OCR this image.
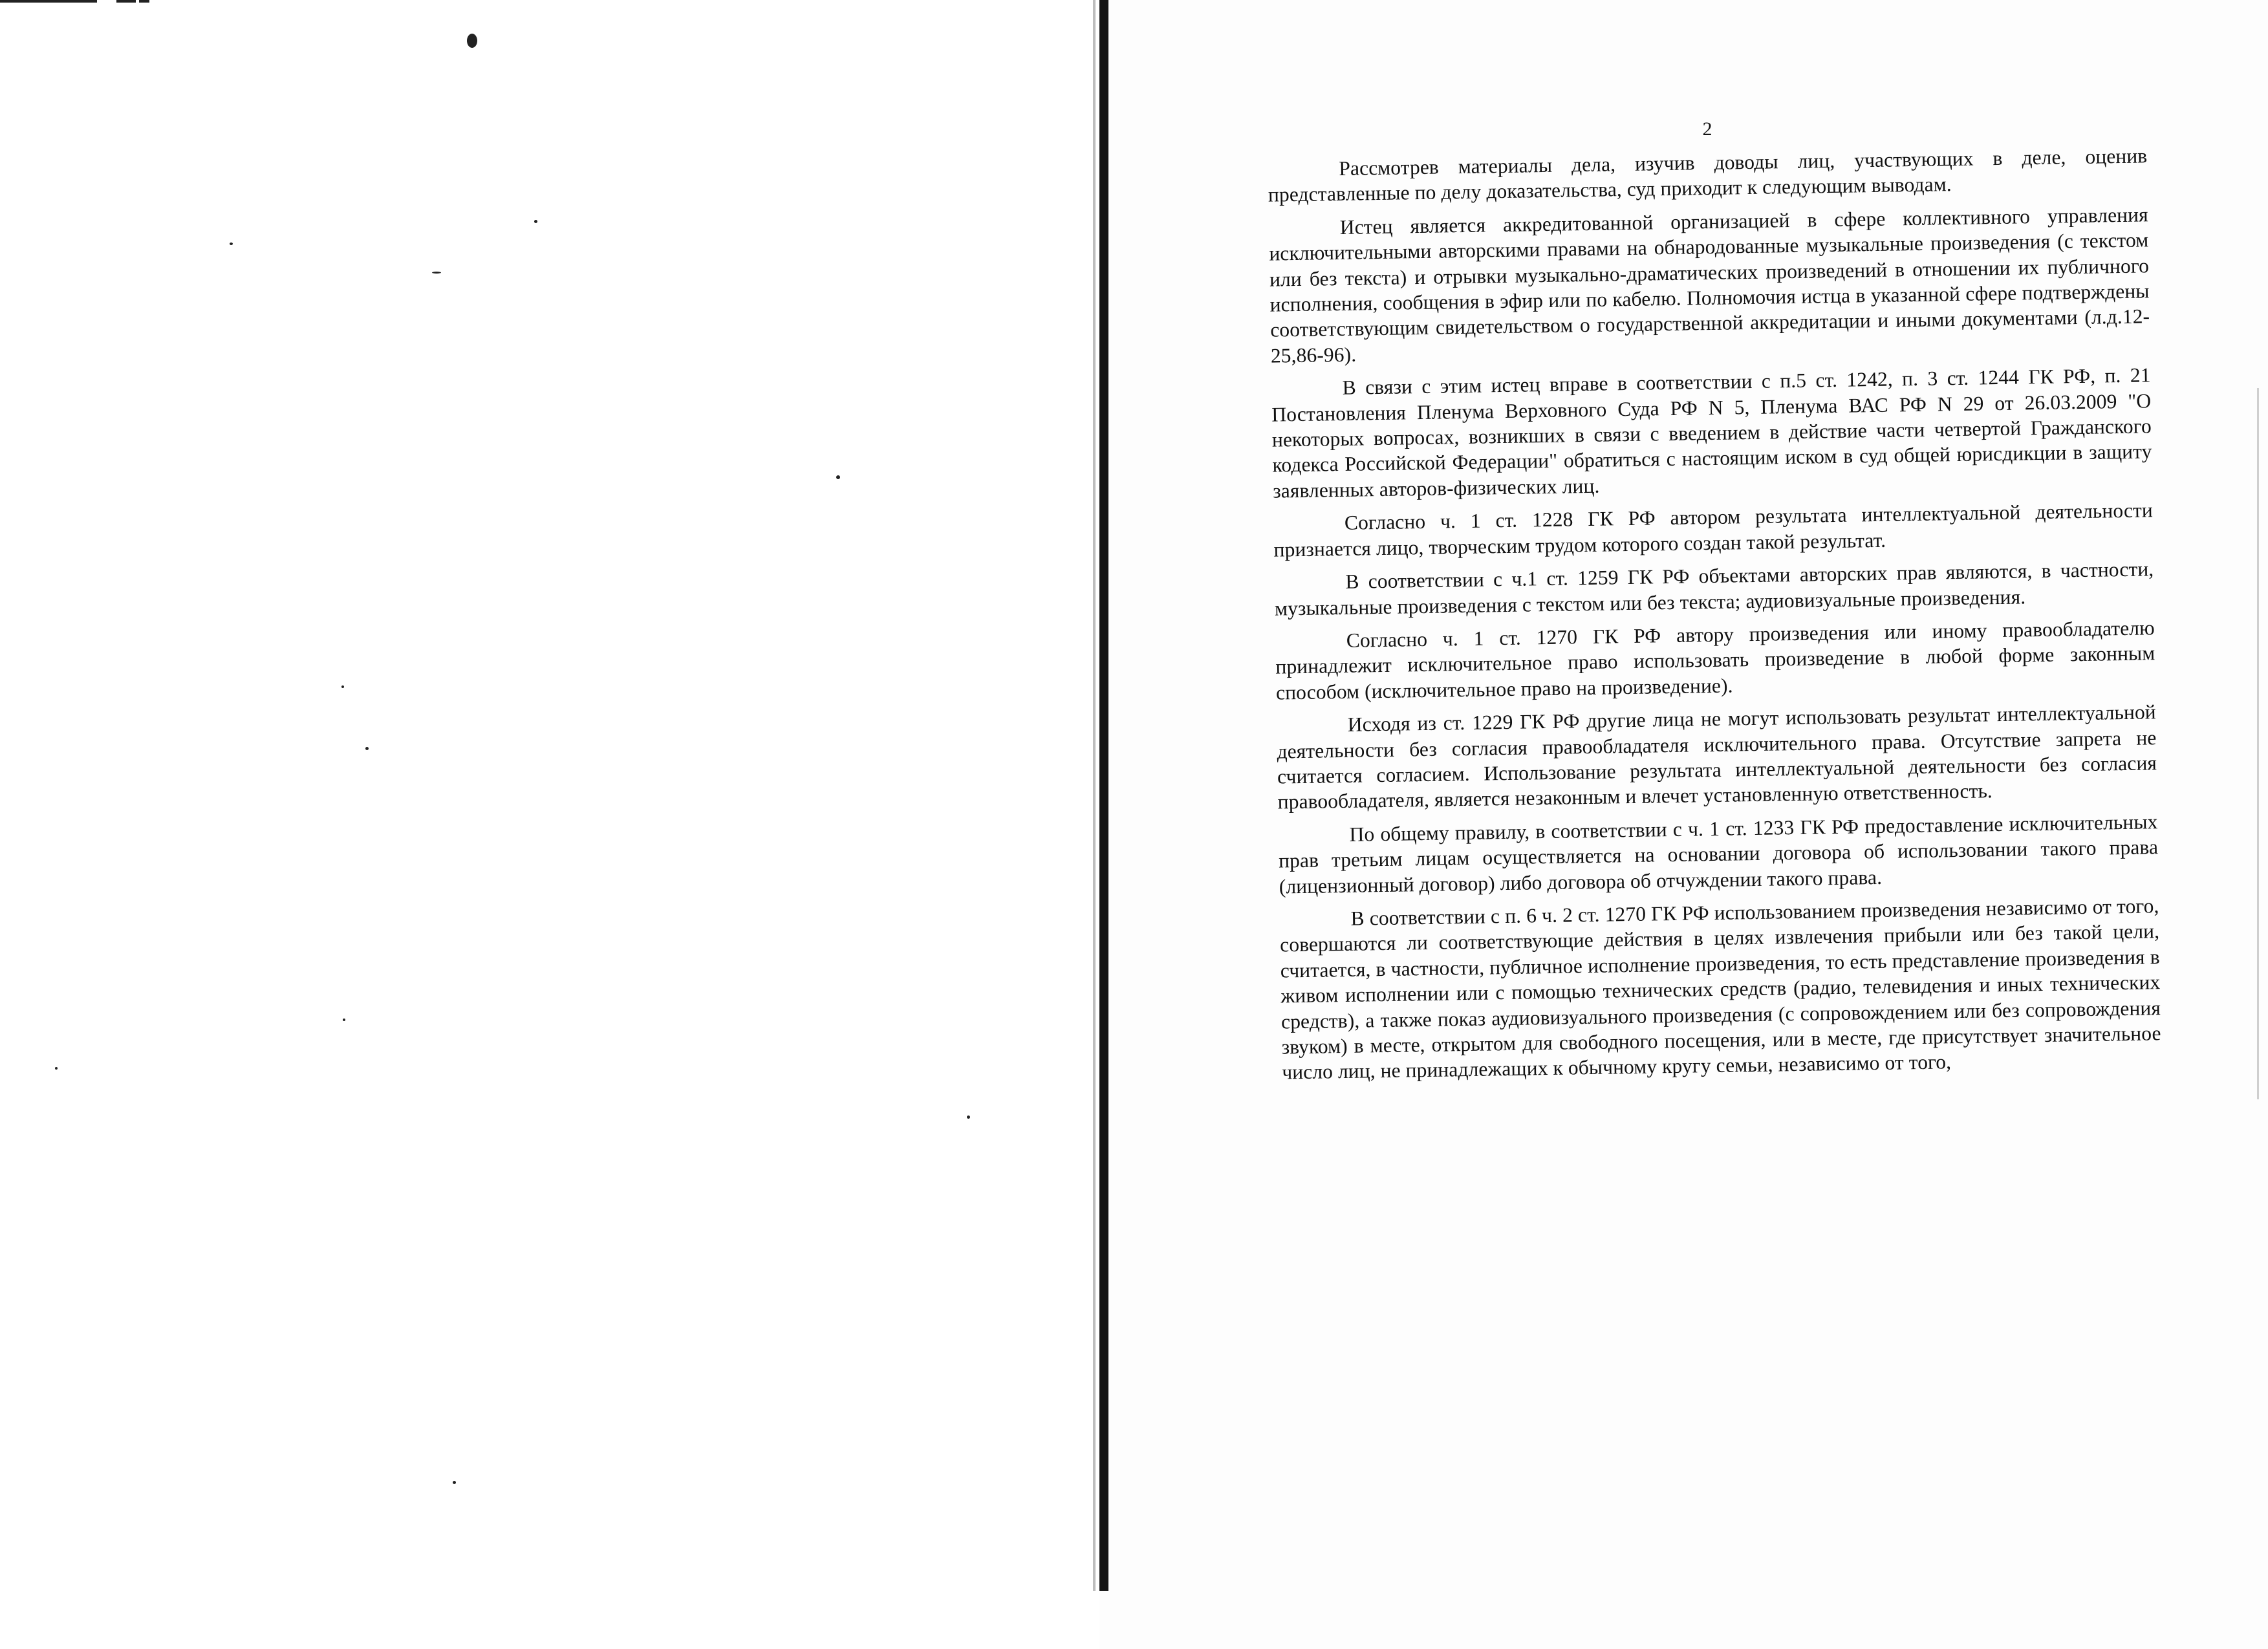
2

Рассмотрев материалы дела, изучив доводы лиц, участвующих в деле, оценив представленные по делу доказательства, суд приходит к следующим выводам.

Истец является аккредитованной организацией в сфере коллективного управления исключительными авторскими правами на обнародованные музыкальные произведения (с текстом или без текста) и отрывки музыкально-драматических произведений в отношении их публичного исполнения, сообщения в эфир или по кабелю. Полномочия истца в указанной сфере подтверждены соответствующим свидетельством о государственной аккредитации и иными документами (л.д.12-25,86-96).

В связи с этим истец вправе в соответствии с п.5 ст. 1242, п. 3 ст. 1244 ГК РФ, п. 21 Постановления Пленума Верховного Суда РФ N 5, Пленума ВАС РФ N 29 от 26.03.2009 "О некоторых вопросах, возникших в связи с введением в действие части четвертой Гражданского кодекса Российской Федерации" обратиться с настоящим иском в суд общей юрисдикции в защиту заявленных авторов-физических лиц.

Согласно ч. 1 ст. 1228 ГК РФ автором результата интеллектуальной деятельности признается лицо, творческим трудом которого создан такой результат.

В соответствии с ч.1 ст. 1259 ГК РФ объектами авторских прав являются, в частности, музыкальные произведения с текстом или без текста; аудиовизуальные произведения.

Согласно ч. 1 ст. 1270 ГК РФ автору произведения или иному правообладателю принадлежит исключительное право использовать произведение в любой форме законным способом (исключительное право на произведение).

Исходя из ст. 1229 ГК РФ другие лица не могут использовать результат интеллектуальной деятельности без согласия правообладателя исключительного права. Отсутствие запрета не считается согласием. Использование результата интеллектуальной деятельности без согласия правообладателя, является незаконным и влечет установленную ответственность.

По общему правилу, в соответствии с ч. 1 ст. 1233 ГК РФ предоставление исключительных прав третьим лицам осуществляется на основании договора об использовании такого права (лицензионный договор) либо договора об отчуждении такого права.

В соответствии с п. 6 ч. 2 ст. 1270 ГК РФ использованием произведения независимо от того, совершаются ли соответствующие действия в целях извлечения прибыли или без такой цели, считается, в частности, публичное исполнение произведения, то есть представление произведения в живом исполнении или с помощью технических средств (радио, телевидения и иных технических средств), а также показ аудиовизуального произведения (с сопровождением или без сопровождения звуком) в месте, открытом для свободного посещения, или в месте, где присутствует значительное число лиц, не принадлежащих к обычному кругу семьи, независимо от того,
